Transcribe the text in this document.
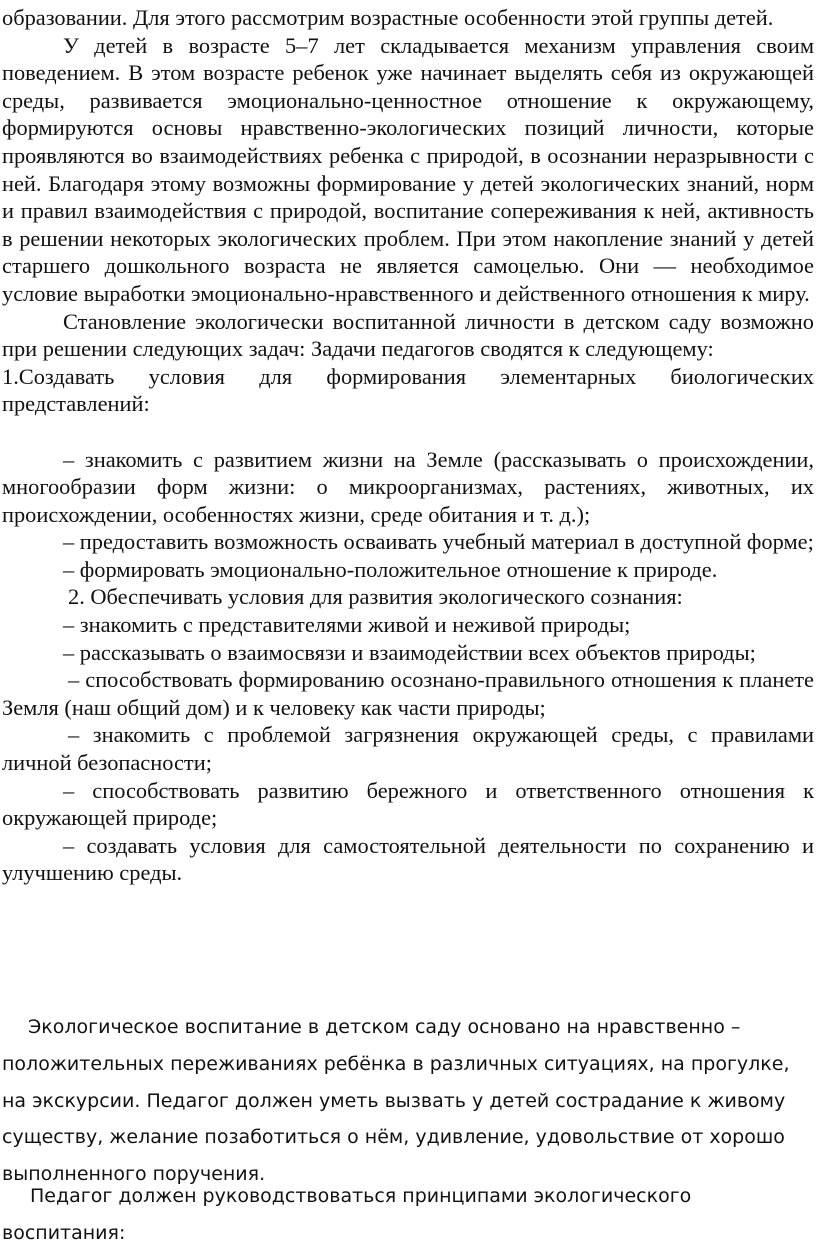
образовании. Для этого рассмотрим возрастные особенности этой группы детей.

У детей в возрасте 5–7 лет складывается механизм управления своим поведением. В этом возрасте ребенок уже начинает выделять себя из окружающей среды, развивается эмоционально-ценностное отношение к окружающему, формируются основы нравственно-экологических позиций личности, которые проявляются во взаимодействиях ребенка с природой, в осознании неразрывности с ней. Благодаря этому возможны формирование у детей экологических знаний, норм и правил взаимодействия с природой, воспитание сопереживания к ней, активность в решении некоторых экологических проблем. При этом накопление знаний у детей старшего дошкольного возраста не является самоцелью. Они — необходимое условие выработки эмоционально-нравственного и действенного отношения к миру.

Становление экологически воспитанной личности в детском саду возможно при решении следующих задач: Задачи педагогов сводятся к следующему:

1.Создавать условия для формирования элементарных биологических представлений:

– знакомить с развитием жизни на Земле (рассказывать о происхождении, многообразии форм жизни: о микроорганизмах, растениях, животных, их происхождении, особенностях жизни, среде обитания и т. д.);

– предоставить возможность осваивать учебный материал в доступной форме;

– формировать эмоционально-положительное отношение к природе.

2. Обеспечивать условия для развития экологического сознания:

– знакомить с представителями живой и неживой природы;

– рассказывать о взаимосвязи и взаимодействии всех объектов природы;

– способствовать формированию осознано-правильного отношения к планете Земля (наш общий дом) и к человеку как части природы;

– знакомить с проблемой загрязнения окружающей среды, с правилами личной безопасности;

– способствовать развитию бережного и ответственного отношения к окружающей природе;

– создавать условия для самостоятельной деятельности по сохранению и улучшению среды.

Экологическое воспитание в детском саду основано на нравственно – положительных переживаниях ребёнка в различных ситуациях, на прогулке, на экскурсии. Педагог должен уметь вызвать у детей сострадание к живому существу, желание позаботиться о нём, удивление, удовольствие от хорошо выполненного поручения.

Педагог должен руководствоваться принципами экологического воспитания:
